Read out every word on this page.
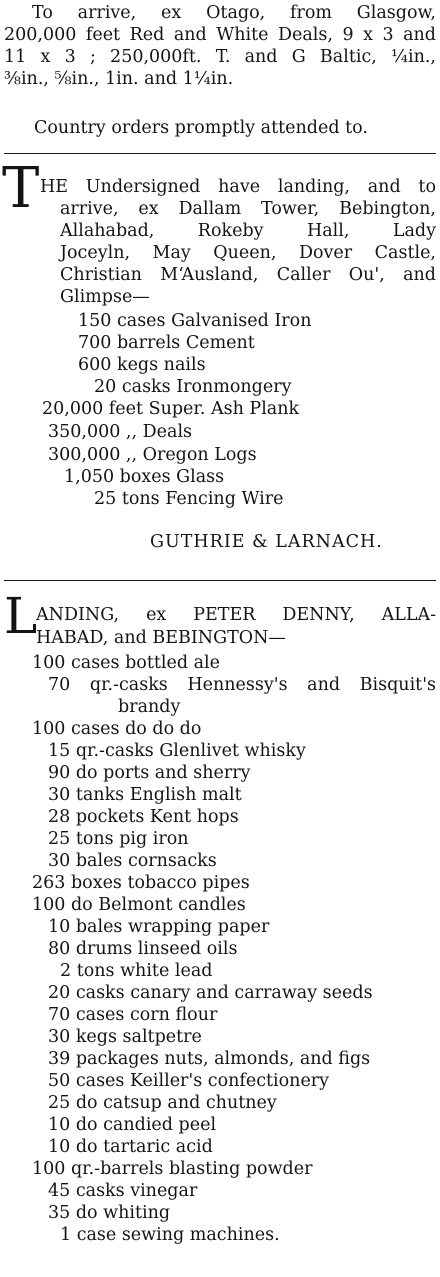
To arrive, ex Otago, from Glasgow,
200,000 feet Red and White Deals, 9 x 3 and
11 x 3 ; 250,000ft. T. and G Baltic, ¼in.,
⅜in., ⅝in., 1in. and 1¼in.
Country orders promptly attended to.
T HE Undersigned have landing, and to
arrive, ex Dallam Tower, Bebington,
Allahabad, Rokeby Hall, Lady
Joceyln, May Queen, Dover Castle,
Christian M‘Ausland, Caller Ou', and
Glimpse—
150 cases Galvanised Iron
700 barrels Cement
600 kegs nails
20 casks Ironmongery
20,000 feet Super. Ash Plank
350,000 ,, Deals
300,000 ,, Oregon Logs
1,050 boxes Glass
25 tons Fencing Wire
GUTHRIE & LARNACH.
L
ANDING, ex PETER DENNY, ALLA-
HABAD, and BEBINGTON—
100 cases bottled ale
70 qr.-casks Hennessy's and Bisquit's
brandy
100 cases do do do
15 qr.-casks Glenlivet whisky
90 do ports and sherry
30 tanks English malt
28 pockets Kent hops
25 tons pig iron
30 bales cornsacks
263 boxes tobacco pipes
100 do Belmont candles
10 bales wrapping paper
80 drums linseed oils
2 tons white lead
20 casks canary and carraway seeds
70 cases corn flour
30 kegs saltpetre
39 packages nuts, almonds, and figs
50 cases Keiller's confectionery
25 do catsup and chutney
10 do candied peel
10 do tartaric acid
100 qr.-barrels blasting powder
45 casks vinegar
35 do whiting
1 case sewing machines.
